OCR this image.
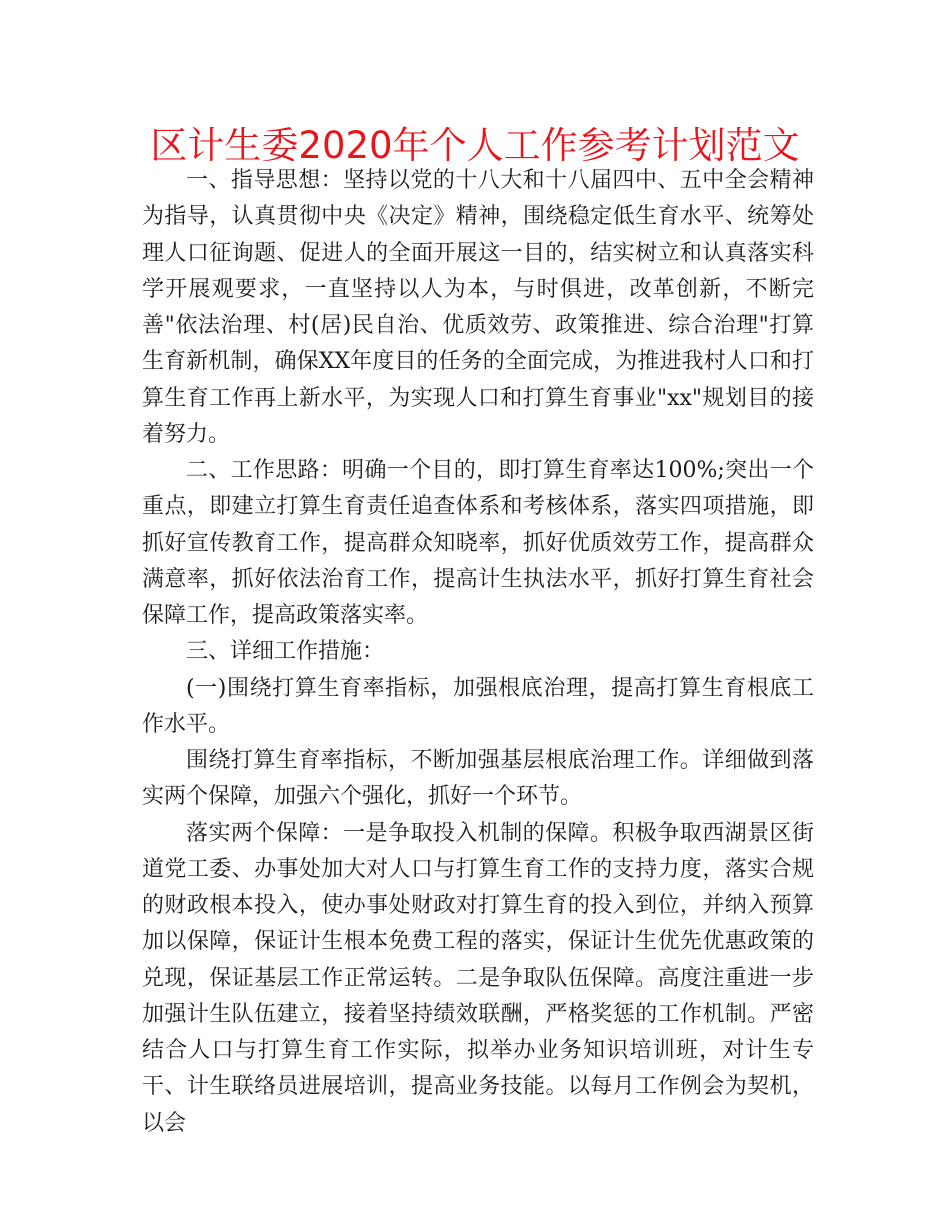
区计生委2020年个人工作参考计划范文

一、指导思想：坚持以党的十八大和十八届四中、五中全会精神为指导，认真贯彻中央《决定》精神，围绕稳定低生育水平、统筹处理人口征询题、促进人的全面开展这一目的，结实树立和认真落实科学开展观要求，一直坚持以人为本，与时俱进，改革创新，不断完善"依法治理、村(居)民自治、优质效劳、政策推进、综合治理"打算生育新机制，确保XX年度目的任务的全面完成，为推进我村人口和打算生育工作再上新水平，为实现人口和打算生育事业"xx"规划目的接着努力。

二、工作思路：明确一个目的，即打算生育率达100%;突出一个重点，即建立打算生育责任追查体系和考核体系，落实四项措施，即抓好宣传教育工作，提高群众知晓率，抓好优质效劳工作，提高群众满意率，抓好依法治育工作，提高计生执法水平，抓好打算生育社会保障工作，提高政策落实率。

三、详细工作措施：

(一)围绕打算生育率指标，加强根底治理，提高打算生育根底工作水平。

围绕打算生育率指标，不断加强基层根底治理工作。详细做到落实两个保障，加强六个强化，抓好一个环节。

落实两个保障：一是争取投入机制的保障。积极争取西湖景区街道党工委、办事处加大对人口与打算生育工作的支持力度，落实合规的财政根本投入，使办事处财政对打算生育的投入到位，并纳入预算加以保障，保证计生根本免费工程的落实，保证计生优先优惠政策的兑现，保证基层工作正常运转。二是争取队伍保障。高度注重进一步加强计生队伍建立，接着坚持绩效联酬，严格奖惩的工作机制。严密结合人口与打算生育工作实际，拟举办业务知识培训班，对计生专干、计生联络员进展培训，提高业务技能。以每月工作例会为契机，以会
